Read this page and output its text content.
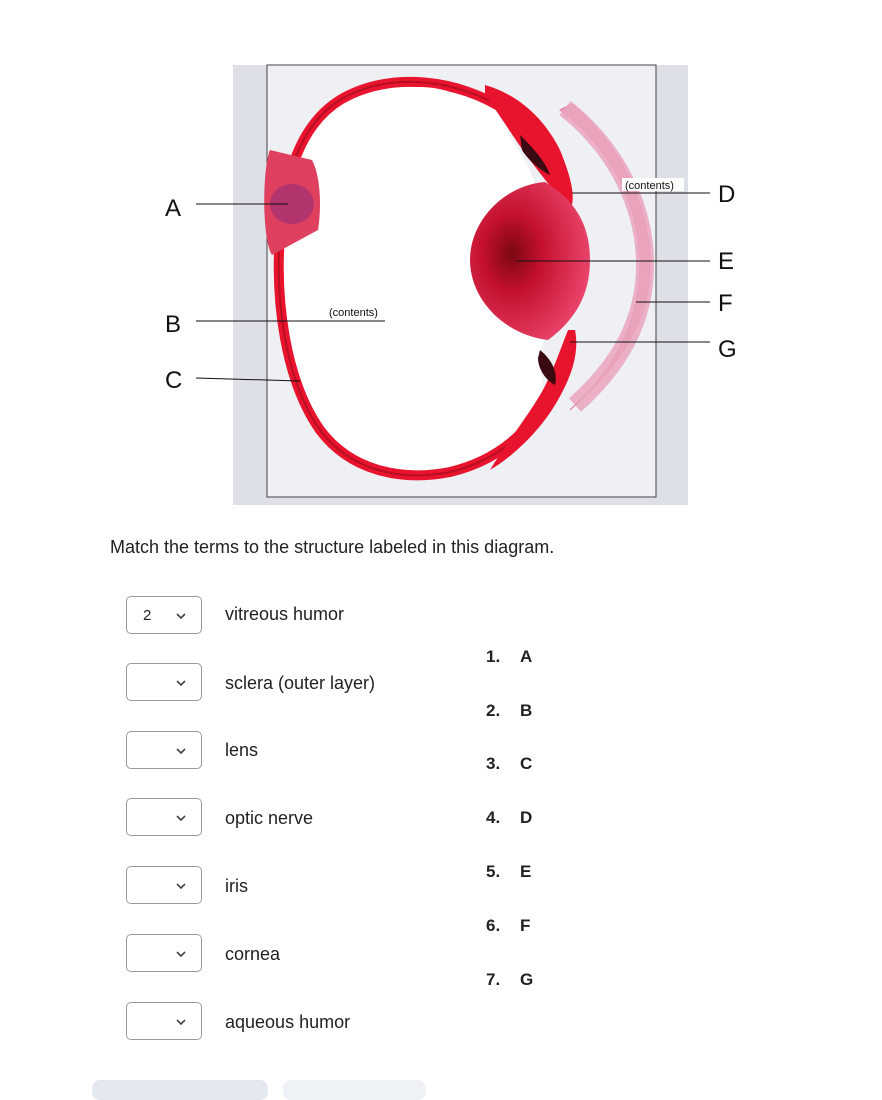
(contents)
(contents)
A
B
C
D
E
F
G
Match the terms to the structure labeled in this diagram.
2	vitreous humor
sclera (outer layer)
lens
optic nerve
iris
cornea
aqueous humor
1. A
2. B
3. C
4. D
5. E
6. F
7. G
